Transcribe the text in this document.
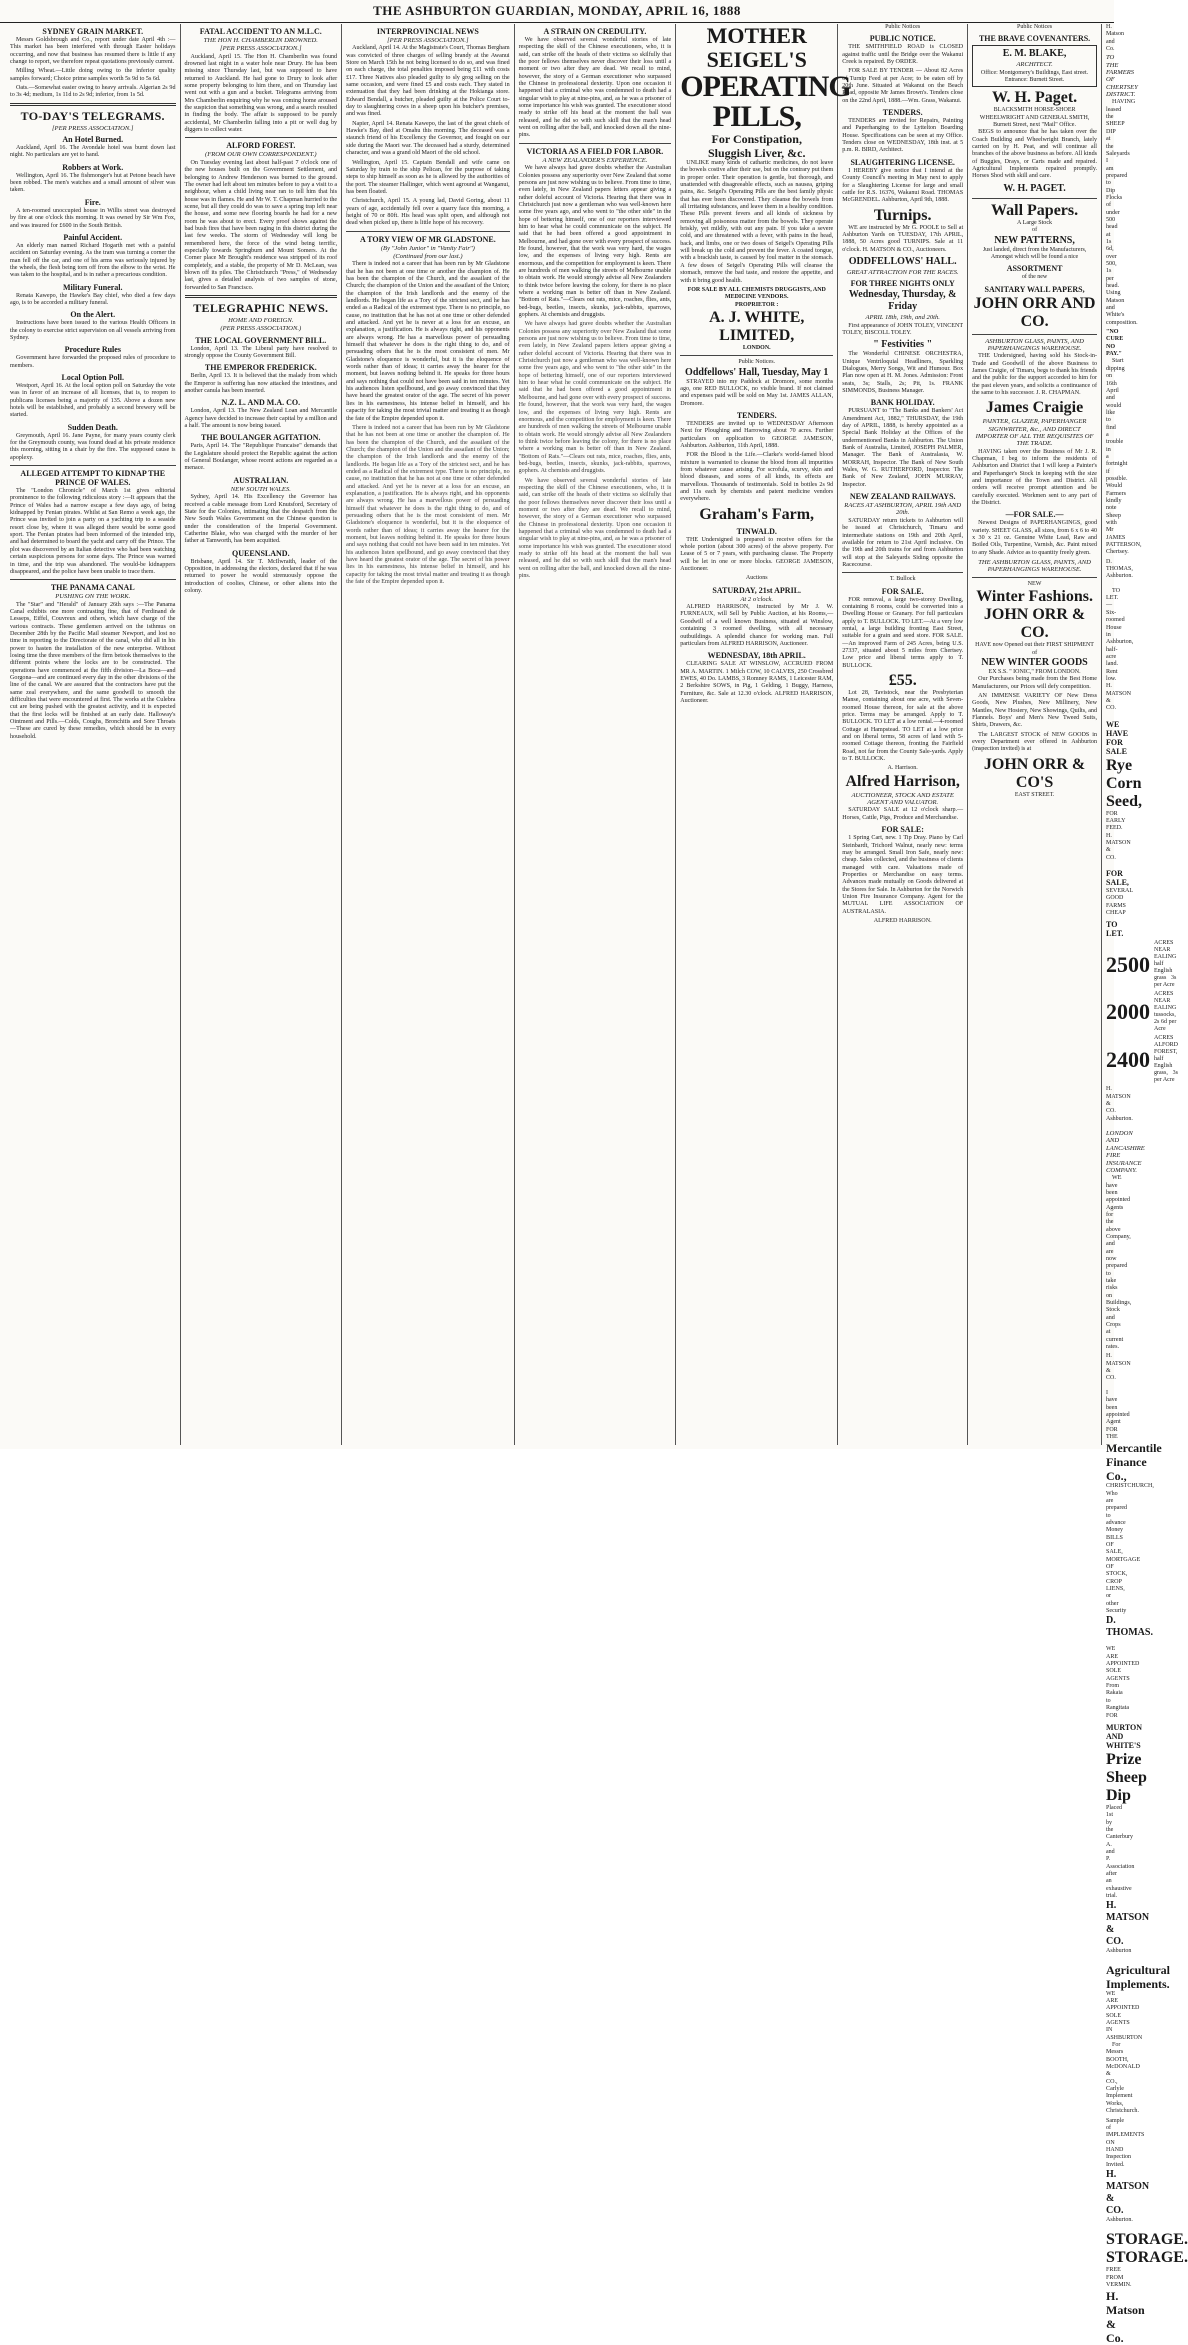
THE ASHBURTON GUARDIAN, MONDAY, APRIL 16, 1888
SYDNEY GRAIN MARKET.

Messrs Goldsbrough and Co., report under date April 4th :— This market has been interfered with through Easter holidays occurring, and now that business has resumed there is little if any change to report, we therefore repeat quotations previously current.

Milling Wheat.—Little doing owing to the inferior quality samples forward; Choice prime samples worth 5s 9d to 5s 6d.

Oats.—Somewhat easier owing to heavy arrivals. Algerian 2s 9d to 3s 4d; medium, 1s 11d to 2s 9d; inferior, from 1s 5d.

TO-DAY'S TELEGRAMS.
[PER PRESS ASSOCIATION.]
An Hotel Burned.

Auckland, April 16. The Avondale hotel was burnt down last night. No particulars are yet to hand.

Robbers at Work.

Wellington, April 16. The fishmonger's hut at Petone beach have been robbed. The men's watches and a small amount of silver was taken.

Fire.

A ten-roomed unoccupied house in Willis street was destroyed by fire at one o'clock this morning. It was owned by Sir Wm Fox, and was insured for £600 in the South British.

Painful Accident.

An elderly man named Richard Hogarth met with a painful accident on Saturday evening. As the tram was turning a corner the man fell off the car, and one of his arms was seriously injured by the wheels, the flesh being torn off from the elbow to the wrist. He was taken to the hospital, and is in rather a precarious condition.

Military Funeral.

Renata Kawepo, the Hawke's Bay chief, who died a few days ago, is to be accorded a military funeral.

On the Alert.

Instructions have been issued to the various Health Officers in the colony to exercise strict supervision on all vessels arriving from Sydney.

Procedure Rules

Government have forwarded the proposed rules of procedure to members.

Local Option Poll.

Westport, April 16. At the local option poll on Saturday the vote was in favor of an increase of all licenses, that is, to reopen to publicans licenses being a majority of 135. Above a dozen new hotels will be established, and probably a second brewery will be started.

Sudden Death.

Greymouth, April 16. Jane Payne, for many years county clerk for the Greymouth county, was found dead at his private residence this morning, sitting in a chair by the fire. The supposed cause is apoplexy.

ALLEGED ATTEMPT TO KIDNAP THE PRINCE OF WALES.

The "London Chronicle" of March 1st gives editorial prominence to the following ridiculous story :—It appears that the Prince of Wales had a narrow escape a few days ago, of being kidnapped by Fenian pirates. Whilst at San Remo a week ago, the Prince was invited to join a party on a yachting trip to a seaside resort close by, where it was alleged there would be some good sport. The Fenian pirates had been informed of the intended trip, and had determined to board the yacht and carry off the Prince. The plot was discovered by an Italian detective who had been watching certain suspicious persons for some days. The Prince was warned in time, and the trip was abandoned. The would-be kidnappers disappeared, and the police have been unable to trace them.

THE PANAMA CANAL
PUSHING ON THE WORK.

The "Star" and "Herald" of January 26th says :—The Panama Canal exhibits one more contrasting fine, that of Ferdinand de Lesseps, Eiffel, Couvreux and others, which have charge of the various contracts. These gentlemen arrived on the isthmus on December 28th by the Pacific Mail steamer Newport, and lost no time in reporting to the Directorate of the canal, who did all in his power to hasten the installation of the new enterprise. Without losing time the three members of the firm betook themselves to the different points where the locks are to be constructed. The operations have commenced at the fifth division—La Boca—and Gorgona—and are continued every day in the other divisions of the line of the canal. We are assured that the contractors have put the same zeal everywhere, and the same goodwill to smooth the difficulties that were encountered at first. The works at the Culebra cut are being pushed with the greatest activity, and it is expected that the first locks will be finished at an early date. Halloway's Ointment and Pills.—Colds, Coughs, Bronchitis and Sore Throats—These are cured by these remedies, which should be in every household.

FATAL ACCIDENT TO AN M.L.C.
THE HON H. CHAMBERLIN DROWNED.
[PER PRESS ASSOCIATION.]

Auckland, April 15. The Hon H. Chamberlin was found drowned last night in a water hole near Drury. He has been missing since Thursday last, but was supposed to have returned to Auckland. He had gone to Drury to look after some property belonging to him there, and on Thursday last went out with a gun and a bucket. Telegrams arriving from Mrs Chamberlin enquiring why he was coming home aroused the suspicion that something was wrong, and a search resulted in finding the body. The affair is supposed to be purely accidental, Mr Chamberlin falling into a pit or well dug by diggers to collect water.

ALFORD FOREST.
(FROM OUR OWN CORRESPONDENT.)

On Tuesday evening last about half-past 7 o'clock one of the new houses built on the Government Settlement, and belonging to Andrew Henderson was burned to the ground. The owner had left about ten minutes before to pay a visit to a neighbour, when a child living near ran to tell him that his house was in flames. He and Mr W. T. Chapman hurried to the scene, but all they could do was to save a spring trap left near the house, and some new flooring boards he had for a new room he was about to erect. Every proof shows against the bad bush fires that have been raging in this district during the last few weeks. The storm of Wednesday will long be remembered here, the force of the wind being terrific, especially towards Springburn and Mount Somers. At the Corner place Mr Brought's residence was stripped of its roof completely, and a stable, the property of Mr D. McLean, was blown off its piles. The Christchurch "Press," of Wednesday last, gives a detailed analysis of two samples of stone, forwarded to San Francisco.

TELEGRAPHIC NEWS.
HOME AND FOREIGN.
(PER PRESS ASSOCIATION.)
THE LOCAL GOVERNMENT BILL.

London, April 13. The Liberal party have resolved to strongly oppose the County Government Bill.

THE EMPEROR FREDERICK.

Berlin, April 13. It is believed that the malady from which the Emperor is suffering has now attacked the intestines, and another canula has been inserted.

N.Z. L. AND M.A. CO.

London, April 13. The New Zealand Loan and Mercantile Agency have decided to increase their capital by a million and a half. The amount is now being issued.

THE BOULANGER AGITATION.

Paris, April 14. The "Republique Francaise" demands that the Legislature should protect the Republic against the action of General Boulanger, whose recent actions are regarded as a menace.

AUSTRALIAN.
NEW SOUTH WALES.

Sydney, April 14. His Excellency the Governor has received a cable message from Lord Knutsford, Secretary of State for the Colonies, intimating that the despatch from the New South Wales Government on the Chinese question is under the consideration of the Imperial Government. Catherine Blake, who was charged with the murder of her father at Tamworth, has been acquitted.

QUEENSLAND.

Brisbane, April 14. Sir T. McIlwraith, leader of the Opposition, in addressing the electors, declared that if he was returned to power he would strenuously oppose the introduction of coolies, Chinese, or other aliens into the colony.

INTERPROVINCIAL NEWS
[PER PRESS ASSOCIATION.]

Auckland, April 14. At the Magistrate's Court, Thomas Bergham was convicted of three charges of selling brandy at the Awanui Store on March 15th he not being licensed to do so, and was fined on each charge, the total penalties imposed being £11 with costs £17. Three Natives also pleaded guilty to sly grog selling on the same occasion, and were fined £5 and costs each. They stated in extenuation that they had been drinking at the Hokianga store. Edward Bendall, a butcher, pleaded guilty at the Police Court to-day to slaughtering cows in a sheep upon his butcher's premises, and was fined.

Napier, April 14. Renata Kawepo, the last of the great chiefs of Hawke's Bay, died at Omahu this morning. The deceased was a staunch friend of his Excellency the Governor, and fought on our side during the Maori war. The deceased had a sturdy, determined character, and was a grand old Maori of the old school.

Wellington, April 15. Captain Bendall and wife came on Saturday by train to the ship Pelican, for the purpose of taking steps to ship himself as soon as he is allowed by the authorities of the port. The steamer Hallinger, which went aground at Wanganui, has been floated.

Christchurch, April 15. A young lad, David Goring, about 11 years of age, accidentally fell over a quarry face this morning, a height of 70 or 80ft. His head was split open, and although not dead when picked up, there is little hope of his recovery.

A TORY VIEW OF MR GLADSTONE.
(By "John Junior" in "Vanity Fair")
(Continued from our last.)

There is indeed not a career that has been run by Mr Gladstone that he has not been at one time or another the champion of. He has been the champion of the Church, and the assailant of the Church; the champion of the Union and the assailant of the Union; the champion of the Irish landlords and the enemy of the landlords. He began life as a Tory of the strictest sect, and he has ended as a Radical of the extremest type. There is no principle, no cause, no institution that he has not at one time or other defended and attacked. And yet he is never at a loss for an excuse, an explanation, a justification. He is always right, and his opponents are always wrong. He has a marvellous power of persuading himself that whatever he does is the right thing to do, and of persuading others that he is the most consistent of men. Mr Gladstone's eloquence is wonderful, but it is the eloquence of words rather than of ideas; it carries away the hearer for the moment, but leaves nothing behind it. He speaks for three hours and says nothing that could not have been said in ten minutes. Yet his audiences listen spellbound, and go away convinced that they have heard the greatest orator of the age. The secret of his power lies in his earnestness, his intense belief in himself, and his capacity for taking the most trivial matter and treating it as though the fate of the Empire depended upon it.

There is indeed not a career that has been run by Mr Gladstone that he has not been at one time or another the champion of. He has been the champion of the Church, and the assailant of the Church; the champion of the Union and the assailant of the Union; the champion of the Irish landlords and the enemy of the landlords. He began life as a Tory of the strictest sect, and he has ended as a Radical of the extremest type. There is no principle, no cause, no institution that he has not at one time or other defended and attacked. And yet he is never at a loss for an excuse, an explanation, a justification. He is always right, and his opponents are always wrong. He has a marvellous power of persuading himself that whatever he does is the right thing to do, and of persuading others that he is the most consistent of men. Mr Gladstone's eloquence is wonderful, but it is the eloquence of words rather than of ideas; it carries away the hearer for the moment, but leaves nothing behind it. He speaks for three hours and says nothing that could not have been said in ten minutes. Yet his audiences listen spellbound, and go away convinced that they have heard the greatest orator of the age. The secret of his power lies in his earnestness, his intense belief in himself, and his capacity for taking the most trivial matter and treating it as though the fate of the Empire depended upon it.

A STRAIN ON CREDULITY.

We have observed several wonderful stories of late respecting the skill of the Chinese executioners, who, it is said, can strike off the heads of their victims so skilfully that the poor fellows themselves never discover their loss until a moment or two after they are dead. We recall to mind, however, the story of a German executioner who surpassed the Chinese in professional dexterity. Upon one occasion it happened that a criminal who was condemned to death had a singular wish to play at nine-pins, and, as he was a prisoner of some importance his wish was granted. The executioner stood ready to strike off his head at the moment the ball was released, and he did so with such skill that the man's head went on rolling after the ball, and knocked down all the nine-pins.

VICTORIA AS A FIELD FOR LABOR.
A NEW ZEALANDER'S EXPERIENCE.

We have always had grave doubts whether the Australian Colonies possess any superiority over New Zealand that some persons are just now wishing us to believe. From time to time, even lately, in New Zealand papers letters appear giving a rather doleful account of Victoria. Hearing that there was in Christchurch just now a gentleman who was well-known here some five years ago, and who went to "the other side" in the hope of bettering himself, one of our reporters interviewed him to hear what he could communicate on the subject. He said that he had been offered a good appointment in Melbourne, and had gone over with every prospect of success. He found, however, that the work was very hard, the wages low, and the expenses of living very high. Rents are enormous, and the competition for employment is keen. There are hundreds of men walking the streets of Melbourne unable to obtain work. He would strongly advise all New Zealanders to think twice before leaving the colony, for there is no place where a working man is better off than in New Zealand. "Bottom of Rats."—Clears out rats, mice, roaches, flies, ants, bed-bugs, beetles, insects, skunks, jack-rabbits, sparrows, gophers. At chemists and druggists.

We have always had grave doubts whether the Australian Colonies possess any superiority over New Zealand that some persons are just now wishing us to believe. From time to time, even lately, in New Zealand papers letters appear giving a rather doleful account of Victoria. Hearing that there was in Christchurch just now a gentleman who was well-known here some five years ago, and who went to "the other side" in the hope of bettering himself, one of our reporters interviewed him to hear what he could communicate on the subject. He said that he had been offered a good appointment in Melbourne, and had gone over with every prospect of success. He found, however, that the work was very hard, the wages low, and the expenses of living very high. Rents are enormous, and the competition for employment is keen. There are hundreds of men walking the streets of Melbourne unable to obtain work. He would strongly advise all New Zealanders to think twice before leaving the colony, for there is no place where a working man is better off than in New Zealand. "Bottom of Rats."—Clears out rats, mice, roaches, flies, ants, bed-bugs, beetles, insects, skunks, jack-rabbits, sparrows, gophers. At chemists and druggists.

We have observed several wonderful stories of late respecting the skill of the Chinese executioners, who, it is said, can strike off the heads of their victims so skilfully that the poor fellows themselves never discover their loss until a moment or two after they are dead. We recall to mind, however, the story of a German executioner who surpassed the Chinese in professional dexterity. Upon one occasion it happened that a criminal who was condemned to death had a singular wish to play at nine-pins, and, as he was a prisoner of some importance his wish was granted. The executioner stood ready to strike off his head at the moment the ball was released, and he did so with such skill that the man's head went on rolling after the ball, and knocked down all the nine-pins.

MOTHER
SEIGEL'S
OPERATING
PILLS,
For Constipation,
Sluggish Liver, &c.

UNLIKE many kinds of cathartic medicines, do not leave the bowels costive after their use, but on the contrary put them in proper order. Their operation is gentle, but thorough, and unattended with disagreeable effects, such as nausea, griping pains, &c. Seigel's Operating Pills are the best family physic that has ever been discovered. They cleanse the bowels from all irritating substances, and leave them in a healthy condition. These Pills prevent fevers and all kinds of sickness by removing all poisonous matter from the bowels. They operate briskly, yet mildly, with out any pain. If you take a severe cold, and are threatened with a fever, with pains in the head, back, and limbs, one or two doses of Seigel's Operating Pills will break up the cold and prevent the fever. A coated tongue, with a brackish taste, is caused by foul matter in the stomach. A few doses of Seigel's Operating Pills will cleanse the stomach, remove the bad taste, and restore the appetite, and with it bring good health.

FOR SALE BY ALL CHEMISTS DRUGGISTS, AND MEDICINE VENDORS.
PROPRIETOR :
A. J. WHITE, LIMITED,
LONDON.
Public Notices.
Oddfellows' Hall, Tuesday, May 1

STRAYED into my Paddock at Dromore, some months ago, one RED BULLOCK, no visible brand. If not claimed and expenses paid will be sold on May 1st. JAMES ALLAN, Dromore.

TENDERS.

TENDERS are invited up to WEDNESDAY Afternoon Next for Ploughing and Harrowing about 70 acres. Further particulars on application to GEORGE JAMESON, Ashburton. Ashburton, 11th April, 1888.

FOR the Blood is the Life.—Clarke's world-famed blood mixture is warranted to cleanse the blood from all impurities from whatever cause arising. For scrofula, scurvy, skin and blood diseases, and sores of all kinds, its effects are marvellous. Thousands of testimonials. Sold in bottles 2s 9d and 11s each by chemists and patent medicine vendors everywhere.

Graham's Farm,
TINWALD.

THE Undersigned is prepared to receive offers for the whole portion (about 300 acres) of the above property. For Lease of 5 or 7 years, with purchasing clause. The Property will be let in one or more blocks. GEORGE JAMESON, Auctioneer.

Auctions
SATURDAY, 21st APRIL.
At 2 o'clock.

ALFRED HARRISON, instructed by Mr J. W. FURNEAUX, will Sell by Public Auction, at his Rooms,— Goodwill of a well known Business, situated at Winslow, containing 3 roomed dwelling, with all necessary outbuildings. A splendid chance for working man. Full particulars from ALFRED HARRISON, Auctioneer.

WEDNESDAY, 18th APRIL.

CLEARING SALE AT WINSLOW, ACCRUED FROM MR A. MARTIN. 1 Milch COW, 10 CALVES, 250 Crossbred EWES, 40 Do. LAMBS, 3 Romney RAMS, 1 Leicester RAM, 2 Berkshire SOWS, in Pig, 1 Gelding, 1 Buggy, Harness, Furniture, &c. Sale at 12.30 o'clock. ALFRED HARRISON, Auctioneer.

Public Notices
PUBLIC NOTICE.

THE SMITHFIELD ROAD is CLOSED against traffic until the Bridge over the Wakanui Creek is repaired. By ORDER.

FOR SALE BY TENDER — About 82 Acres of Turnip Feed at per Acre; to be eaten off by 20th June. Situated at Wakanui on the Beach Road, opposite Mr James Brown's. Tenders close on the 22nd April, 1888.—Wm. Grass, Wakanui.

TENDERS.

TENDERS are invited for Repairs, Painting and Paperhanging to the Lyttelton Boarding House. Specifications can be seen at my Office. Tenders close on WEDNESDAY, 18th inst. at 5 p.m. R. BIRD, Architect.

SLAUGHTERING LICENSE.

I HEREBY give notice that I intend at the County Council's meeting in May next to apply for a Slaughtering License for large and small cattle for R.S. 16376, Wakanui Road. THOMAS McGRENDEL. Ashburton, April 9th, 1888.

Turnips.

WE are instructed by Mr G. POOLE to Sell at Ashburton Yards on TUESDAY, 17th APRIL, 1888, 50 Acres good TURNIPS. Sale at 11 o'clock. H. MATSON & CO., Auctioneers.

ODDFELLOWS' HALL.
GREAT ATTRACTION FOR THE RACES.
FOR THREE NIGHTS ONLY
Wednesday, Thursday, & Friday
APRIL 18th, 19th, and 20th.

First appearance of JOHN TOLEY, VINCENT TOLEY, BISCOLL TOLEY.

" Festivities "

The Wonderful CHINESE ORCHESTRA, Unique Ventriloquial Headliners, Sparkling Dialogues, Merry Songs, Wit and Humour. Box Plan now open at H. M. Jones. Admission: Front seats, 3s; Stalls, 2s; Pit, 1s. FRANK SIMMONDS, Business Manager.

BANK HOLIDAY.

PURSUANT to "The Banks and Bankers' Act Amendment Act, 1882," THURSDAY, the 19th day of APRIL, 1888, is hereby appointed as a Special Bank Holiday at the Offices of the undermentioned Banks in Ashburton. The Union Bank of Australia, Limited, JOSEPH PALMER, Manager. The Bank of Australasia, W. MORRAH, Inspector. The Bank of New South Wales, W. G. RUTHERFORD, Inspector. The Bank of New Zealand, JOHN MURRAY, Inspector.

NEW ZEALAND RAILWAYS.
RACES AT ASHBURTON, APRIL 19th AND 20th.

SATURDAY return tickets to Ashburton will be issued at Christchurch, Timaru and intermediate stations on 19th and 20th April, available for return to 21st April inclusive. On the 19th and 20th trains for and from Ashburton will stop at the Saleyards Siding opposite the Racecourse.

T. Bullock
FOR SALE.

FOR removal, a large two-storey Dwelling, containing 8 rooms, could be converted into a Dwelling House or Granary. For full particulars apply to T. BULLOCK. TO LET.—At a very low rental, a large building fronting East Street, suitable for a grain and seed store. FOR SALE.—An improved Farm of 245 Acres, being U.S. 27337, situated about 5 miles from Chertsey. Low price and liberal terms apply to T. BULLOCK.

£55.

Lot 28, Tavistock, near the Presbyterian Manse, containing about one acre, with Seven-roomed House thereon, for sale at the above price. Terms may be arranged. Apply to T. BULLOCK. TO LET at a low rental.—4-roomed Cottage at Hampstead. TO LET at a low price and on liberal terms, 58 acres of land with 5-roomed Cottage thereon, fronting the Fairfield Road, not far from the County Sale-yards. Apply to T. BULLOCK.

A. Harrison.
Alfred Harrison,
AUCTIONEER, STOCK AND ESTATE AGENT AND VALUATOR.

SATURDAY SALE at 12 o'clock sharp.—Horses, Cattle, Pigs, Produce and Merchandise.

FOR SALE:

1 Spring Cart, new. 1 Tip Dray. Piano by Carl Steinbardt, Trichord Walnut, nearly new: terms may be arranged. Small Iron Safe, nearly new: cheap. Sales collected, and the business of clients managed with care. Valuations made of Properties or Merchandise on easy terms. Advances made mutually on Goods delivered at the Stores for Sale. In Ashburton for the Norwich Union Fire Insurance Company. Agent for the MUTUAL LIFE ASSOCIATION OF AUSTRALASIA.

ALFRED HARRISON.
Public Notices
THE BRAVE COVENANTERS.
E. M. BLAKE,
ARCHITECT.
Office: Montgomery's Buildings, East street. Entrance: Burnett Street.
W. H. Paget.
BLACKSMITH HORSE-SHOER WHEELWRIGHT AND GENERAL SMITH,
Burnett Street, next "Mail" Office.

BEGS to announce that he has taken over the Coach Building and Wheelwright Branch, lately carried on by H. Peat, and will continue all branches of the above business as before. All kinds of Buggies, Drays, or Carts made and repaired. Agricultural Implements repaired promptly. Horses Shod with skill and care.

W. H. PAGET.
Wall Papers.
A Large Stock
of
NEW PATTERNS,
Just landed, direct from the Manufacturers,
Amongst which will be found a nice
ASSORTMENT
of the new
SANITARY WALL PAPERS,
JOHN ORR AND CO.
ASHBURTON GLASS, PAINTS, AND PAPERHANGINGS WAREHOUSE.

THE Undersigned, having sold his Stock-in-Trade and Goodwill of the above Business to James Craigie, of Timaru, begs to thank his friends and the public for the support accorded to him for the past eleven years, and solicits a continuance of the same to his successor. J. R. CHAPMAN.

James Craigie
PAINTER, GLAZIER, PAPERHANGER SIGNWRITER, &c., AND DIRECT IMPORTER OF ALL THE REQUISITES OF THE TRADE.

HAVING taken over the Business of Mr J. R. Chapman, I beg to inform the residents of Ashburton and District that I will keep a Painter's and Paperhanger's Stock in keeping with the size and importance of the Town and District. All orders will receive prompt attention and be carefully executed. Workmen sent to any part of the District.

—FOR SALE.—

Newest Designs of PAPERHANGINGS, good variety. SHEET GLASS, all sizes, from 6 x 6 to 40 x 30 x 21 oz. Genuine White Lead, Raw and Boiled Oils, Turpentine, Varnish, &c. Paint mixed to any Shade. Advice as to quantity freely given.

THE ASHBURTON GLASS, PAINTS, AND PAPERHANGINGS WAREHOUSE.
NEW
Winter Fashions.
JOHN ORR & CO.
HAVE now Opened out their FIRST SHIPMENT of
NEW WINTER GOODS
EX S.S. " IONIC," FROM LONDON.

Our Purchases being made from the Best Home Manufacturers, our Prices will defy competition.

AN IMMENSE VARIETY OF New Dress Goods, New Plushes, New Millinery, New Mantles, New Hosiery, New Showings, Quilts, and Flannels. Boys' and Men's New Tweed Suits, Shirts, Drawers, &c.

The LARGEST STOCK of NEW GOODS in every Department ever offered in Ashburton (inspection invited) is at

JOHN ORR & CO'S
EAST STREET.
H. Matson and Co.
TO THE FARMERS OF CHERTSEY DISTRICT.

HAVING leased the SHEEP DIP at the Saleyards I am prepared to Dip Flocks of under 500 head at 1s 6d, over 500, 1s per head. Using Matson and White's composition.

"NO CURE NO PAY."

Start dipping on 16th April and would like to find a trouble in a fortnight if possible. Would Farmers kindly note Sheep with Mr JAMES PATTERSON, Chertsey.

D. THOMAS, Ashburton.

TO LET.—Six-roomed House in Ashburton, half-acre land. Rent low. H. MATSON & CO.

WE HAVE FOR SALE
Rye Corn Seed,
FOR EARLY FEED.
H. MATSON & CO.
FOR SALE,
SEVERAL GOOD FARMS CHEAP
TO LET.
2500
ACRES NEAR EALING half English grass 3s per Acre
2000
ACRES NEAR EALING tussocks, 2s 6d per Acre
2400
ACRES ALFORD FOREST, half English grass, 3s per Acre
H. MATSON & CO.
Ashburton.
LONDON AND LANCASHIRE FIRE INSURANCE COMPANY.

WE have been appointed Agents for the above Company, and are now prepared to take risks on Buildings, Stock and Crops at current rates.

H. MATSON & CO.
I have been appointed Agent FOR THE
Mercantile Finance Co.,
CHRISTCHURCH,
Who are prepared to advance Money
BILLS OF SALE,
MORTGAGE OF STOCK,
CROP LIENS, or other Security
D. THOMAS.
WE ARE APPOINTED SOLE AGENTS From Rakaia to Rangitata
FOR
MURTON AND WHITE'S
Prize Sheep Dip
Placed 1st by the Canterbury A. and P. Association after an exhaustive trial.
H. MATSON & CO.
Ashburton
Agricultural Implements.
WE ARE APPOINTED SOLE AGENTS IN ASHBURTON

For Messrs BOOTH, McDONALD & CO., Carlyle Implement Works, Christchurch.

Sample of IMPLEMENTS ON HAND
Inspection Invited.
H. MATSON & CO.
Ashburton.
STORAGE. STORAGE.
FREE FROM VERMIN.
H. Matson & Co.
